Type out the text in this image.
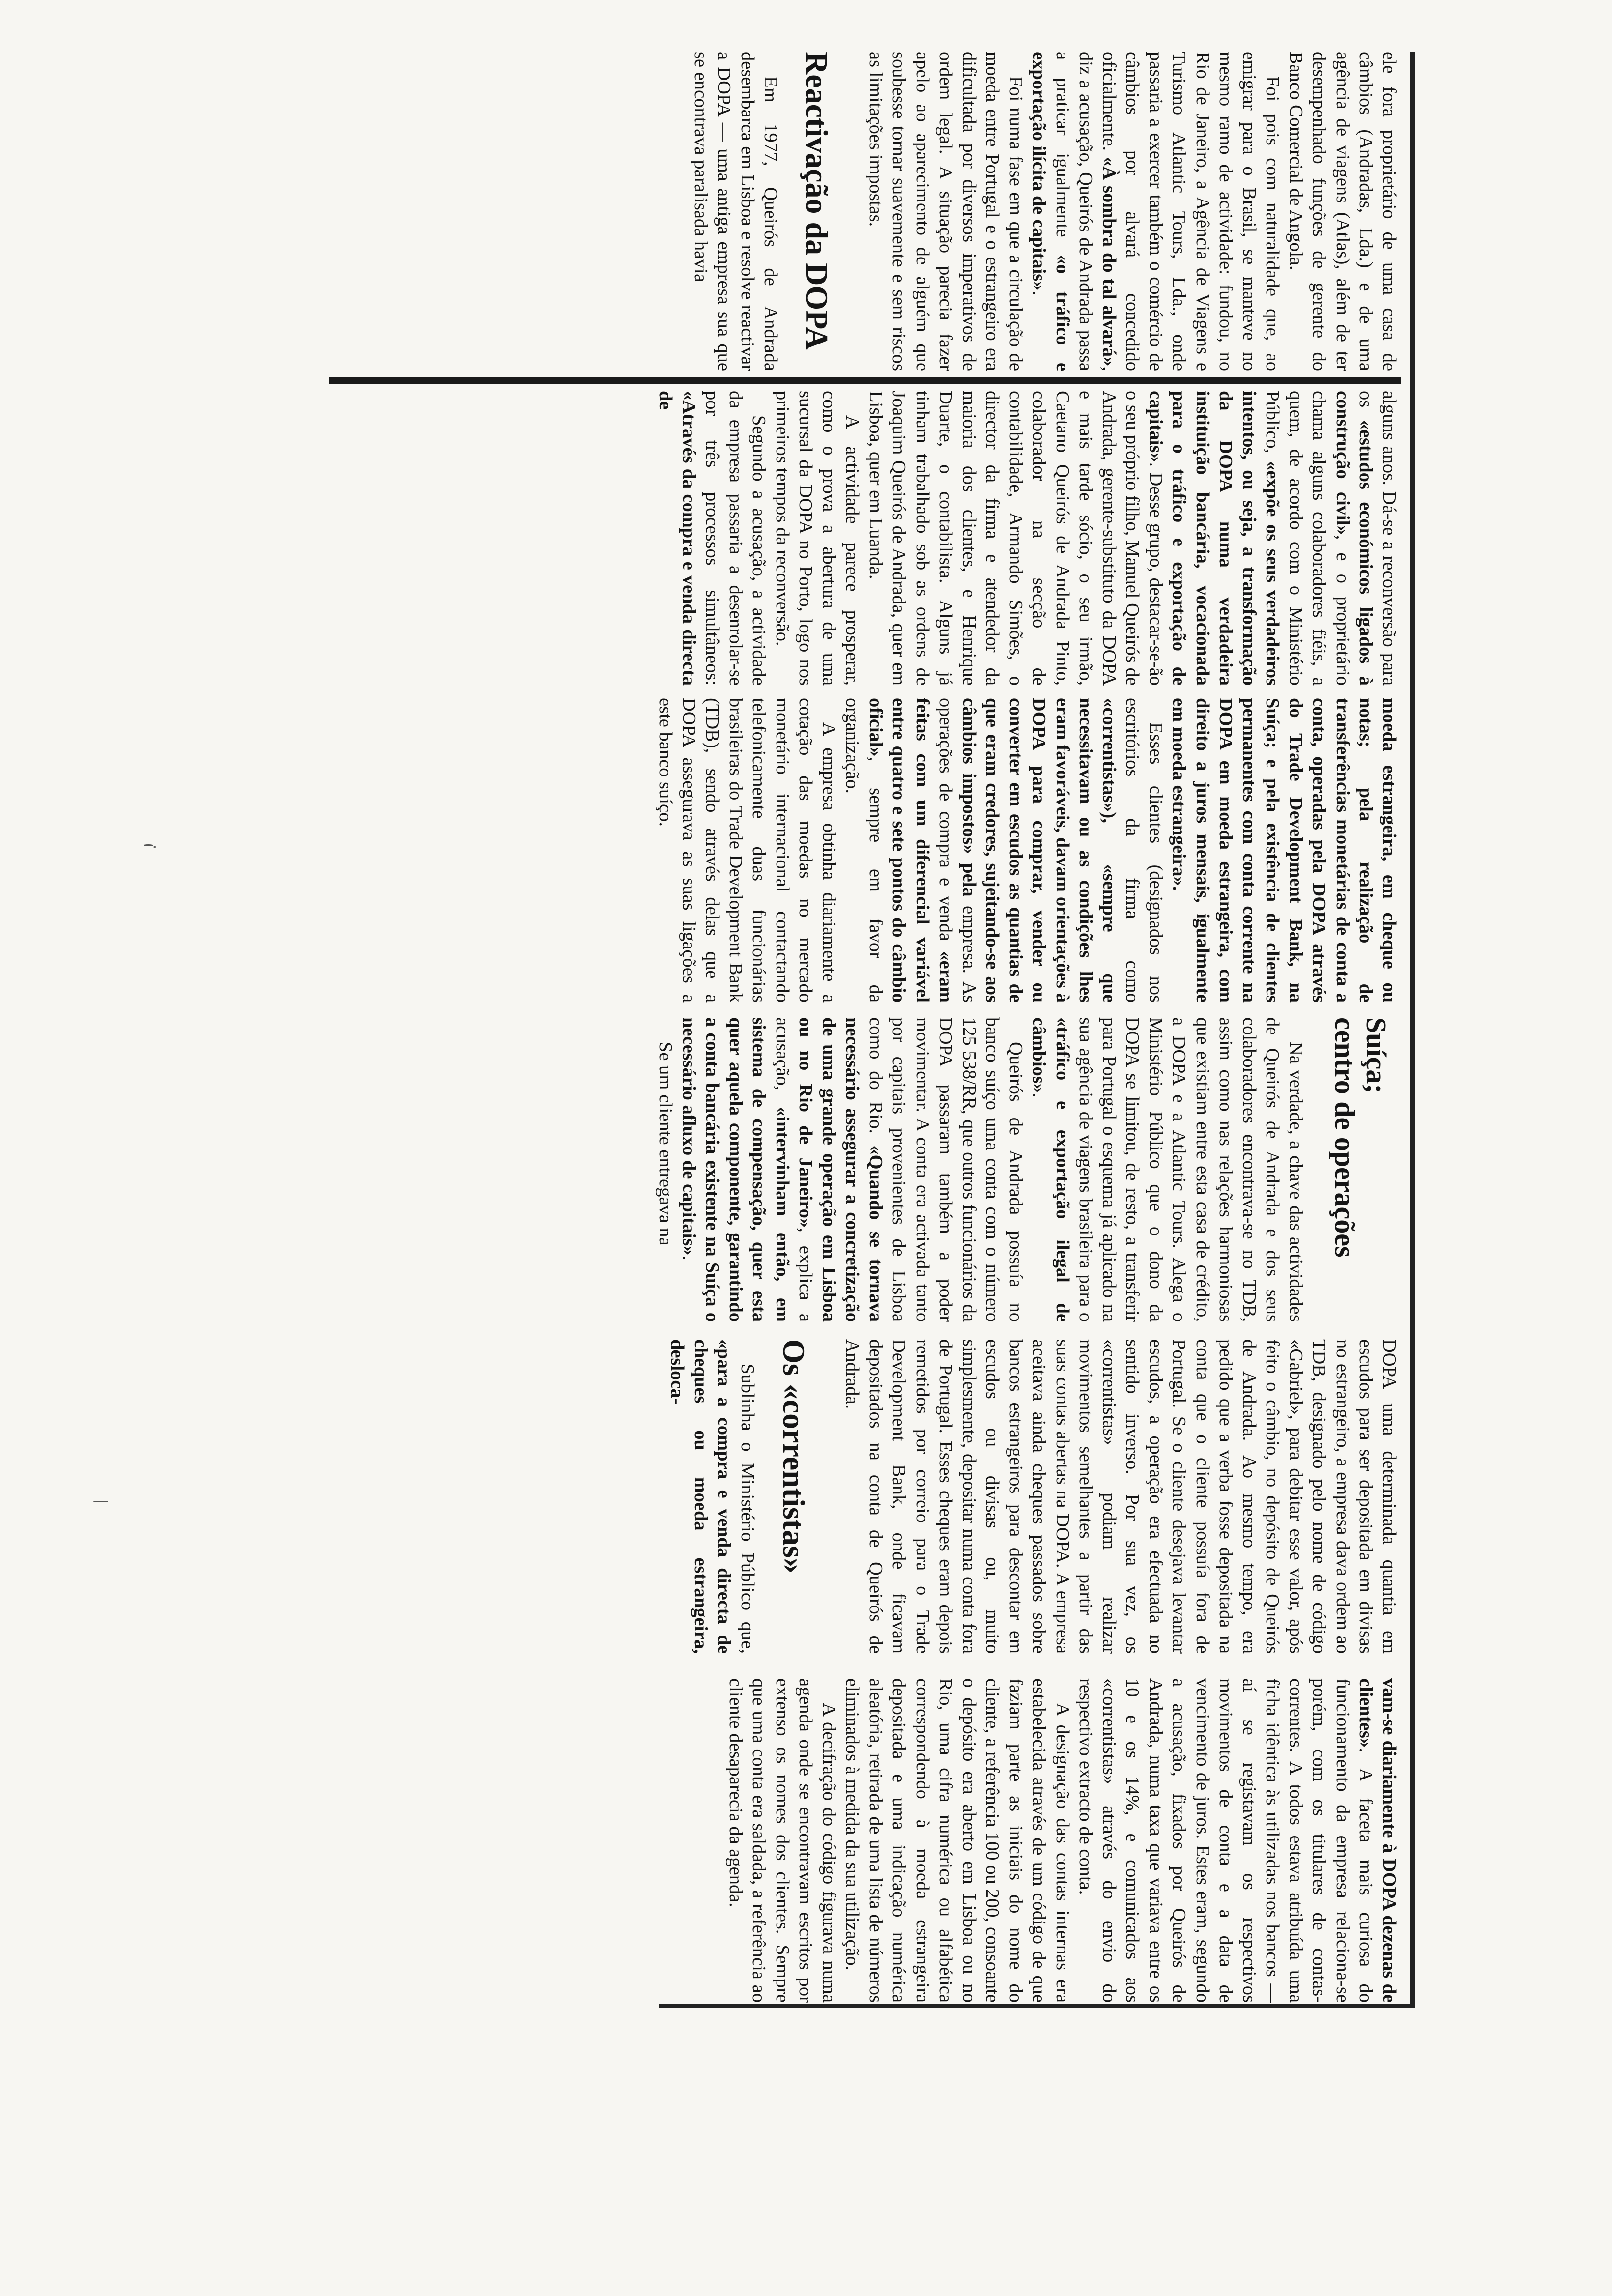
ele fora proprietário de uma casa de câmbios (Andradas, Lda.) e de uma agência de viagens (Atlas), além de ter desempenhado funções de gerente do Banco Comercial de Angola.

Foi pois com naturalidade que, ao emigrar para o Brasil, se manteve no mesmo ramo de actividade: fundou, no Rio de Janeiro, a Agência de Viagens e Turismo Atlantic Tours, Lda., onde passaria a exercer também o comércio de câmbios por alvará concedido oficialmente. «À sombra do tal alvará», diz a acusação, Queirós de Andrada passa a praticar igualmente «o tráfico e exportação ilícita de capitais».

Foi numa fase em que a circulação de moeda entre Portugal e o estrangeiro era dificultada por diversos imperativos de ordem legal. A situação parecia fazer apelo ao aparecimento de alguém que soubesse tornar suavemente e sem riscos as limitações impostas.

Reactivação da DOPA

Em 1977, Queirós de Andrada desembarca em Lisboa e resolve reactivar a DOPA — uma antiga empresa sua que se encontrava paralisada havia

alguns anos. Dá-se a reconversão para os «estudos económicos ligados à construção civil», e o proprietário chama alguns colaboradores fiéis, a quem, de acordo com o Ministério Público, «expõe os seus verdadeiros intentos, ou seja, a transformação da DOPA numa verdadeira instituição bancária, vocacionada para o tráfico e exportação de capitais». Desse grupo, destacar-se-ão o seu próprio filho, Manuel Queirós de Andrada, gerente-substituto da DOPA e mais tarde sócio, o seu irmão, Caetano Queirós de Andrada Pinto, colaborador na secção de contabilidade, Armando Simões, o director da firma e atendedor da maioria dos clientes, e Henrique Duarte, o contabilista. Alguns já tinham trabalhado sob as ordens de Joaquim Queirós de Andrada, quer em Lisboa, quer em Luanda.

A actividade parece prosperar, como o prova a abertura de uma sucursal da DOPA no Porto, logo nos primeiros tempos da reconversão.

Segundo a acusação, a actividade da empresa passaria a desenrolar-se por três processos simultâneos: «Através da compra e venda directa de

moeda estrangeira, em cheque ou notas; pela realização de transferências monetárias de conta a conta, operadas pela DOPA através do Trade Development Bank, na Suíça; e pela existência de clientes permanentes com conta corrente na DOPA em moeda estrangeira, com direito a juros mensais, igualmente em moeda estrangeira».

Esses clientes (designados nos escritórios da firma como «correntistas»), «sempre que necessitavam ou as condições lhes eram favoráveis, davam orientações à DOPA para comprar, vender ou converter em escudos as quantias de que eram credores, sujeitando-se aos câmbios impostos» pela empresa. As operações de compra e venda «eram feitas com um diferencial variável entre quatro e sete pontos do câmbio oficial», sempre em favor da organização.

A empresa obtinha diariamente a cotação das moedas no mercado monetário internacional contactando telefonicamente duas funcionárias brasileiras do Trade Development Bank (TDB), sendo através delas que a DOPA assegurava as suas ligações a este banco suíço.

Suíça;
centro de operações

Na verdade, a chave das actividades de Queirós de Andrada e dos seus colaboradores encontrava-se no TDB, assim como nas relações harmoniosas que existiam entre esta casa de crédito, a DOPA e a Atlantic Tours. Alega o Ministério Público que o dono da DOPA se limitou, de resto, a transferir para Portugal o esquema já aplicado na sua agência de viagens brasileira para o «tráfico e exportação ilegal de câmbios».

Queirós de Andrada possuía no banco suíço uma conta com o número 125 538/RR, que outros funcionários da DOPA passaram também a poder movimentar. A conta era activada tanto por capitais provenientes de Lisboa como do Rio. «Quando se tornava necessário assegurar a concretização de uma grande operação em Lisboa ou no Rio de Janeiro», explica a acusação, «intervinham então, em sistema de compensação, quer esta quer aquela componente, garantindo a conta bancária existente na Suíça o necessário afluxo de capitais».

Se um cliente entregava na

DOPA uma determinada quantia em escudos para ser depositada em divisas no estrangeiro, a empresa dava ordem ao TDB, designado pelo nome de código «Gabriel», para debitar esse valor, após feito o câmbio, no depósito de Queirós de Andrada. Ao mesmo tempo, era pedido que a verba fosse depositada na conta que o cliente possuía fora de Portugal. Se o cliente desejava levantar escudos, a operação era efectuada no sentido inverso. Por sua vez, os «correntistas» podiam realizar movimentos semelhantes a partir das suas contas abertas na DOPA. A empresa aceitava ainda cheques passados sobre bancos estrangeiros para descontar em escudos ou divisas ou, muito simplesmente, depositar numa conta fora de Portugal. Esses cheques eram depois remetidos por correio para o Trade Development Bank, onde ficavam depositados na conta de Queirós de Andrada.

Os «correntistas»

Sublinha o Ministério Público que, «para a compra e venda directa de cheques ou moeda estrangeira, desloca-

vam-se diariamente à DOPA dezenas de clientes». A faceta mais curiosa do funcionamento da empresa relaciona-se porém, com os titulares de contas-correntes. A todos estava atribuída uma ficha idêntica às utilizadas nos bancos — aí se registavam os respectivos movimentos de conta e a data de vencimento de juros. Estes eram, segundo a acusação, fixados por Queirós de Andrada, numa taxa que variava entre os 10 e os 14%, e comunicados aos «correntistas» através do envio do respectivo extracto de conta.

A designação das contas internas era estabelecida através de um código de que faziam parte as iniciais do nome do cliente, a referência 100 ou 200, consoante o depósito era aberto em Lisboa ou no Rio, uma cifra numérica ou alfabética correspondendo à moeda estrangeira depositada e uma indicação numérica aleatória, retirada de uma lista de números eliminados à medida da sua utilização.

A decifração do código figurava numa agenda onde se encontravam escritos por extenso os nomes dos clientes. Sempre que uma conta era saldada, a referência ao cliente desaparecia da agenda.
